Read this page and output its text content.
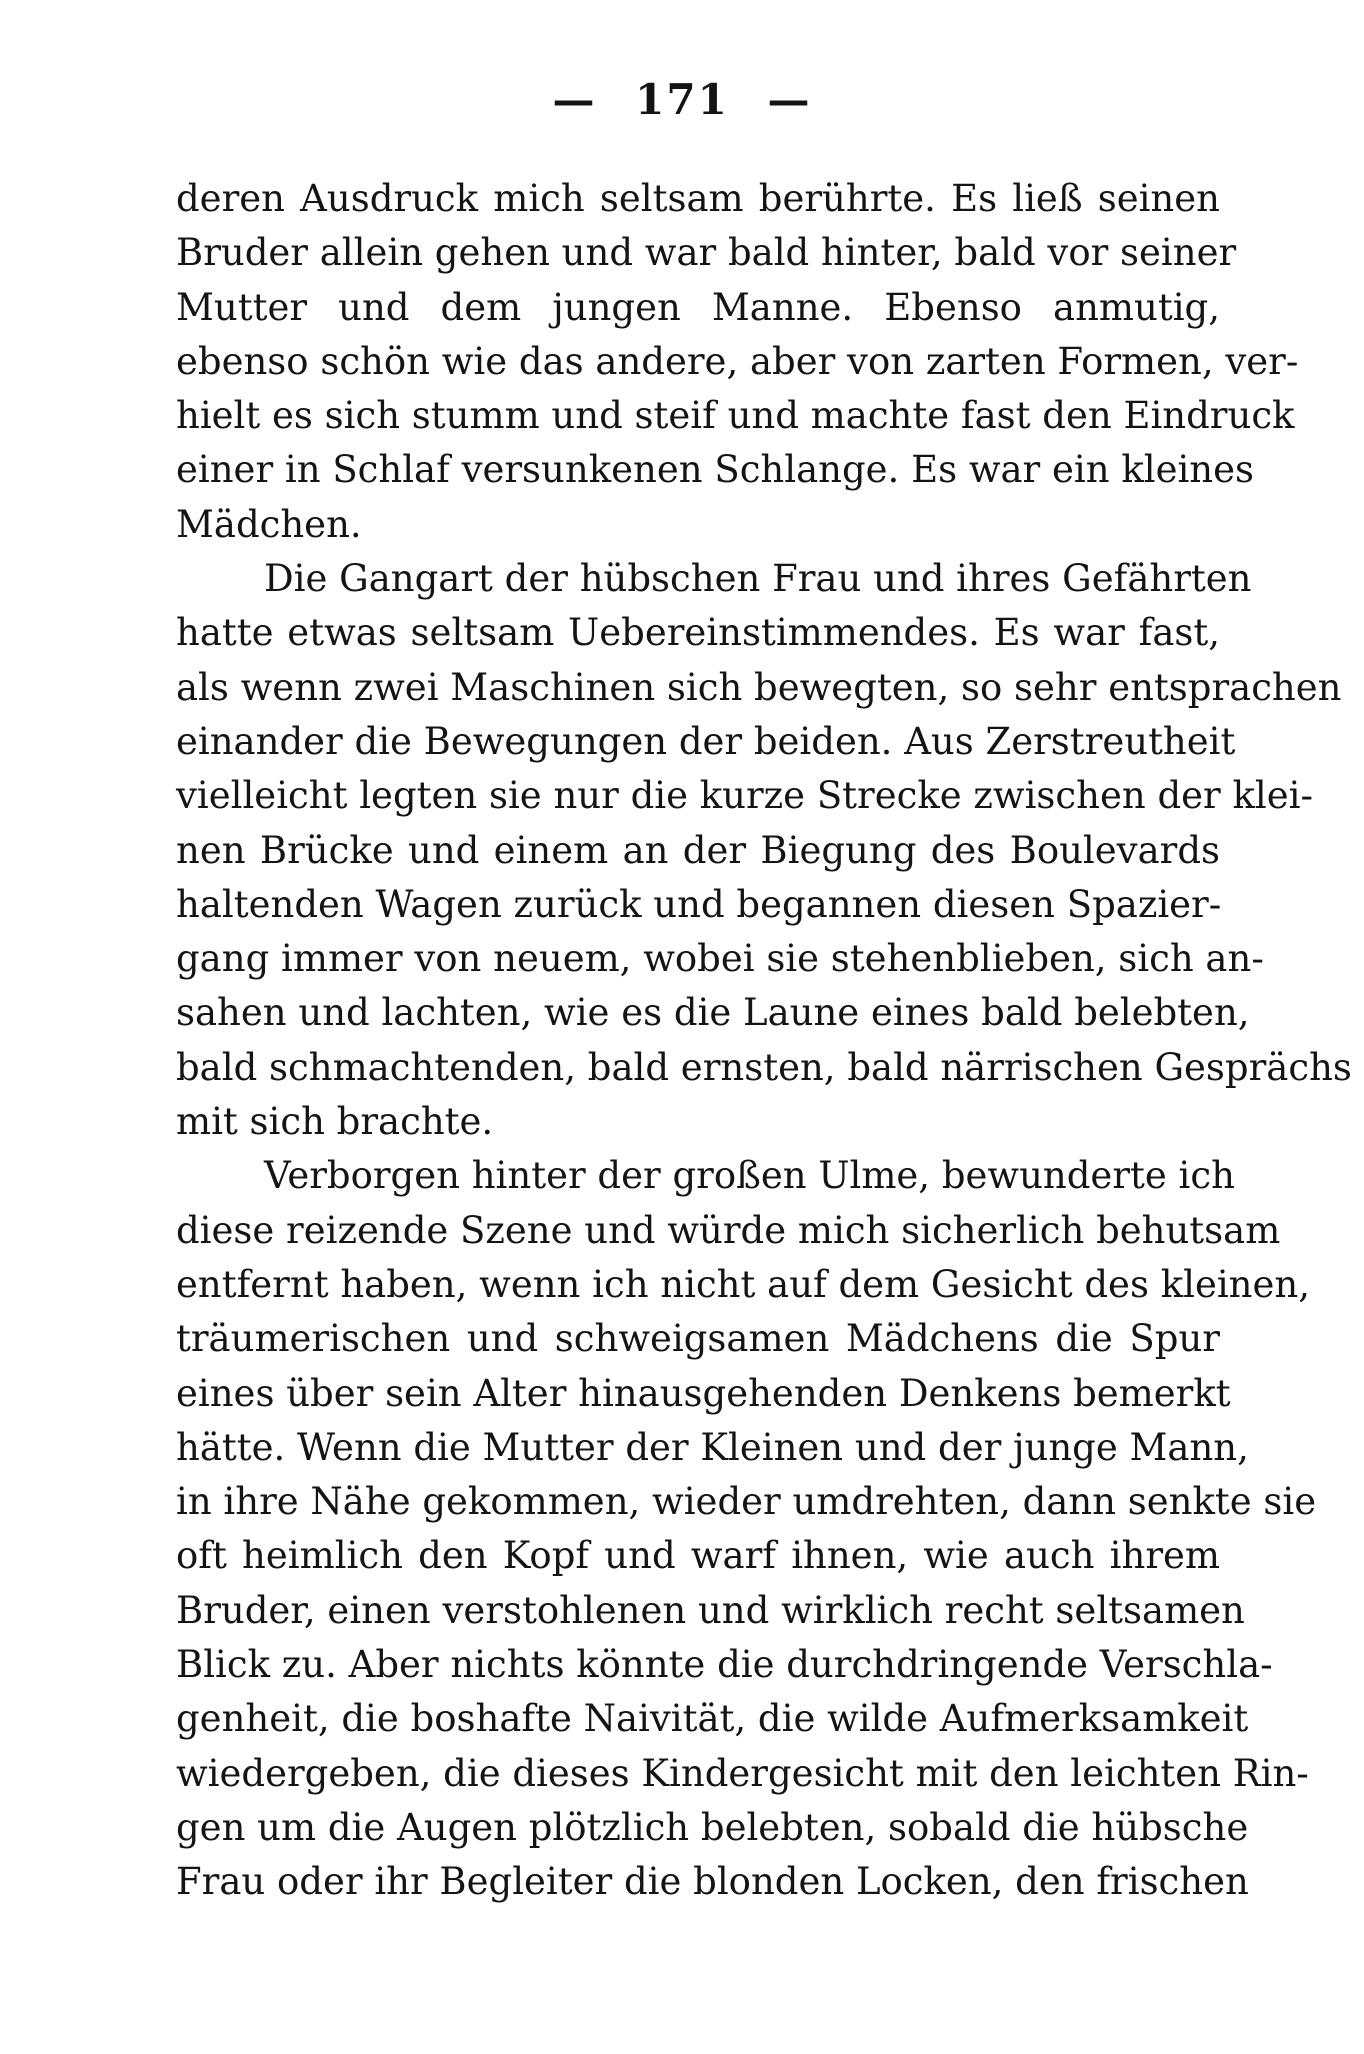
— 171 —
deren Ausdruck mich seltsam berührte. Es ließ seinen
Bruder allein gehen und war bald hinter, bald vor seiner
Mutter und dem jungen Manne. Ebenso anmutig,
ebenso schön wie das andere, aber von zarten Formen, ver-
hielt es sich stumm und steif und machte fast den Eindruck
einer in Schlaf versunkenen Schlange. Es war ein kleines
Mädchen.
Die Gangart der hübschen Frau und ihres Gefährten
hatte etwas seltsam Uebereinstimmendes. Es war fast,
als wenn zwei Maschinen sich bewegten, so sehr entsprachen
einander die Bewegungen der beiden. Aus Zerstreutheit
vielleicht legten sie nur die kurze Strecke zwischen der klei-
nen Brücke und einem an der Biegung des Boulevards
haltenden Wagen zurück und begannen diesen Spazier-
gang immer von neuem, wobei sie stehenblieben, sich an-
sahen und lachten, wie es die Laune eines bald belebten,
bald schmachtenden, bald ernsten, bald närrischen Gesprächs
mit sich brachte.
Verborgen hinter der großen Ulme, bewunderte ich
diese reizende Szene und würde mich sicherlich behutsam
entfernt haben, wenn ich nicht auf dem Gesicht des kleinen,
träumerischen und schweigsamen Mädchens die Spur
eines über sein Alter hinausgehenden Denkens bemerkt
hätte. Wenn die Mutter der Kleinen und der junge Mann,
in ihre Nähe gekommen, wieder umdrehten, dann senkte sie
oft heimlich den Kopf und warf ihnen, wie auch ihrem
Bruder, einen verstohlenen und wirklich recht seltsamen
Blick zu. Aber nichts könnte die durchdringende Verschla-
genheit, die boshafte Naivität, die wilde Aufmerksamkeit
wiedergeben, die dieses Kindergesicht mit den leichten Rin-
gen um die Augen plötzlich belebten, sobald die hübsche
Frau oder ihr Begleiter die blonden Locken, den frischen
